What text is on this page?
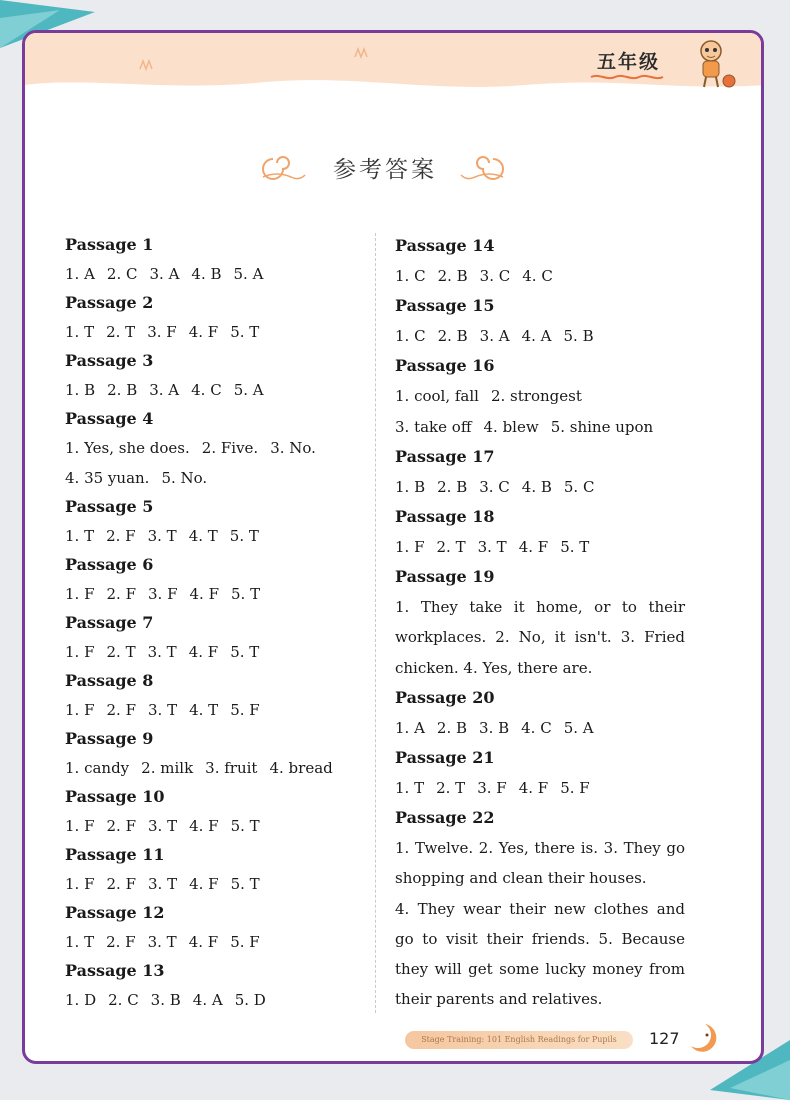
五年级
参考答案
Passage 1
1. A 2. C 3. A 4. B 5. A
Passage 2
1. T 2. T 3. F 4. F 5. T
Passage 3
1. B 2. B 3. A 4. C 5. A
Passage 4
1. Yes, she does. 2. Five. 3. No.
4. 35 yuan. 5. No.
Passage 5
1. T 2. F 3. T 4. T 5. T
Passage 6
1. F 2. F 3. F 4. F 5. T
Passage 7
1. F 2. T 3. T 4. F 5. T
Passage 8
1. F 2. F 3. T 4. T 5. F
Passage 9
1. candy 2. milk 3. fruit 4. bread
Passage 10
1. F 2. F 3. T 4. F 5. T
Passage 11
1. F 2. F 3. T 4. F 5. T
Passage 12
1. T 2. F 3. T 4. F 5. F
Passage 13
1. D 2. C 3. B 4. A 5. D
Passage 14
1. C 2. B 3. C 4. C
Passage 15
1. C 2. B 3. A 4. A 5. B
Passage 16
1. cool, fall 2. strongest
3. take off 4. blew 5. shine upon
Passage 17
1. B 2. B 3. C 4. B 5. C
Passage 18
1. F 2. T 3. T 4. F 5. T
Passage 19
1. They take it home, or to their workplaces. 2. No, it isn't. 3. Fried chicken. 4. Yes, there are.
Passage 20
1. A 2. B 3. B 4. C 5. A
Passage 21
1. T 2. T 3. F 4. F 5. F
Passage 22
1. Twelve. 2. Yes, there is. 3. They go shopping and clean their houses.
4. They wear their new clothes and go to visit their friends. 5. Because they will get some lucky money from their parents and relatives.
Stage Training: 101 English Readings for Pupils	127
